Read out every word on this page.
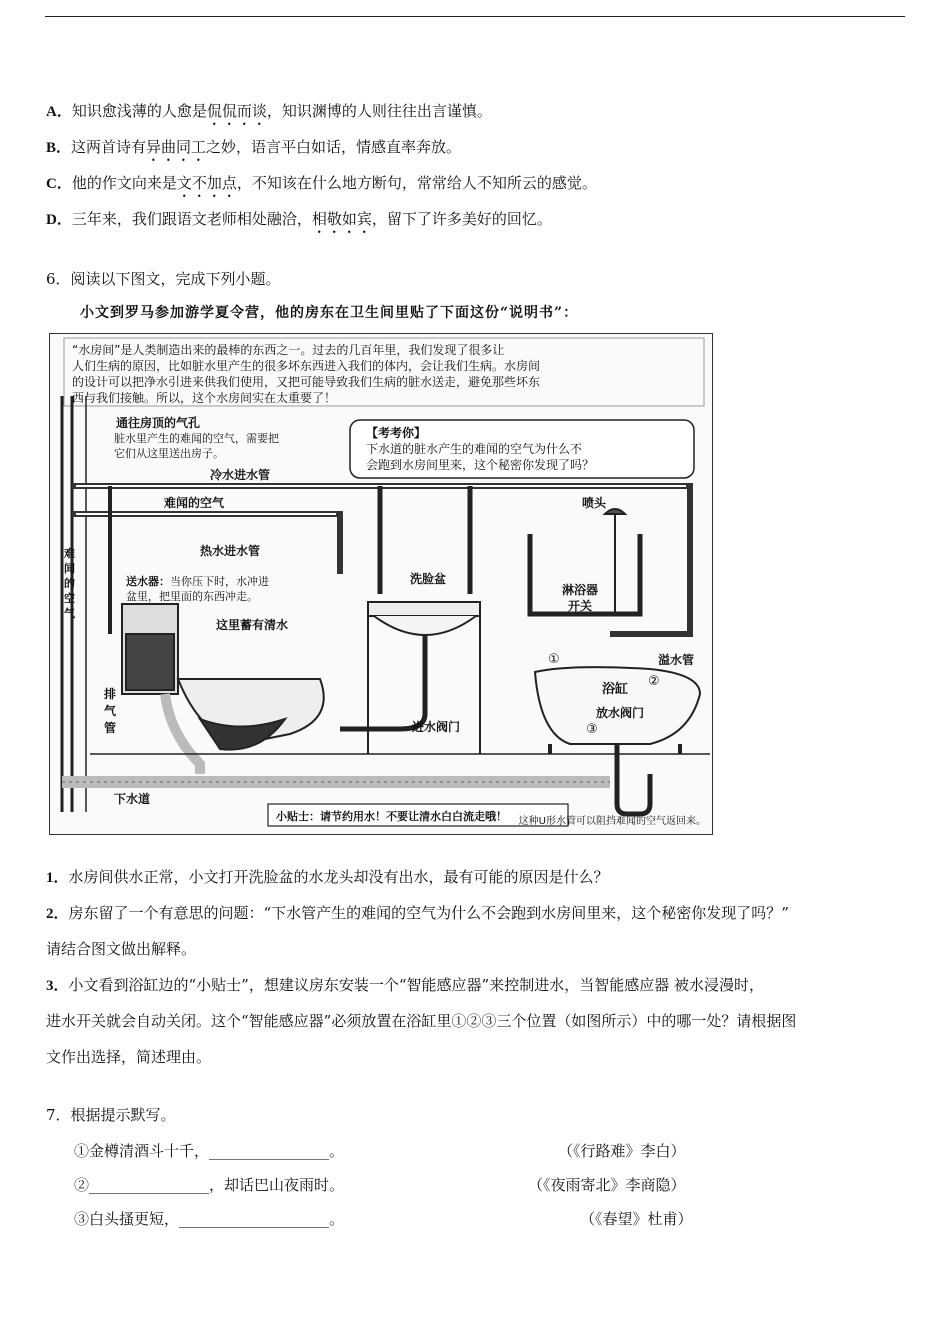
A．知识愈浅薄的人愈是侃侃而谈，知识渊博的人则往往出言谨慎。
B．这两首诗有异曲同工之妙，语言平白如话，情感直率奔放。
C．他的作文向来是文不加点，不知该在什么地方断句，常常给人不知所云的感觉。
D．三年来，我们跟语文老师相处融洽，相敬如宾，留下了许多美好的回忆。
6．阅读以下图文，完成下列小题。
小文到罗马参加游学夏令营，他的房东在卫生间里贴了下面这份“说明书”：
“水房间”是人类制造出来的最棒的东西之一。过去的几百年里，我们发现了很多让
人们生病的原因，比如脏水里产生的很多坏东西进入我们的体内，会让我们生病。水房间
的设计可以把净水引进来供我们使用，又把可能导致我们生病的脏水送走，避免那些坏东
西与我们接触。所以，这个水房间实在太重要了！
通往房顶的气孔
脏水里产生的难闻的空气，需要把
它们从这里送出房子。
【考考你】
下水道的脏水产生的难闻的空气为什么不
会跑到水房间里来，这个秘密你发现了吗？
冷水进水管
难闻的空气	喷头
难
闻
的
空
气
热水进水管
洗脸盆
淋浴器
开关
送水器：当你压下时，水冲进
盆里，把里面的东西冲走。
这里蓄有清水
溢水管
①
浴缸
②
放水阀门
③
排
气
管	进水阀门
下水道
小贴士：请节约用水！不要让清水白白流走哦！	这种U形水管可以阻挡难闻的空气返回来。
1．水房间供水正常，小文打开洗脸盆的水龙头却没有出水，最有可能的原因是什么？
2．房东留了一个有意思的问题：“下水管产生的难闻的空气为什么不会跑到水房间里来，这个秘密你发现了吗？”
请结合图文做出解释。
3．小文看到浴缸边的“小贴士”，想建议房东安装一个“智能感应器”来控制进水，当智能感应器 被水浸漫时，
进水开关就会自动关闭。这个“智能感应器”必须放置在浴缸里①②③三个位置（如图所示）中的哪一处？请根据图
文作出选择，简述理由。
7．根据提示默写。
①金樽清酒斗十千，________________。	（《行路难》李白）
②________________，却话巴山夜雨时。	（《夜雨寄北》李商隐）
③白头搔更短，____________________。	（《春望》杜甫）
